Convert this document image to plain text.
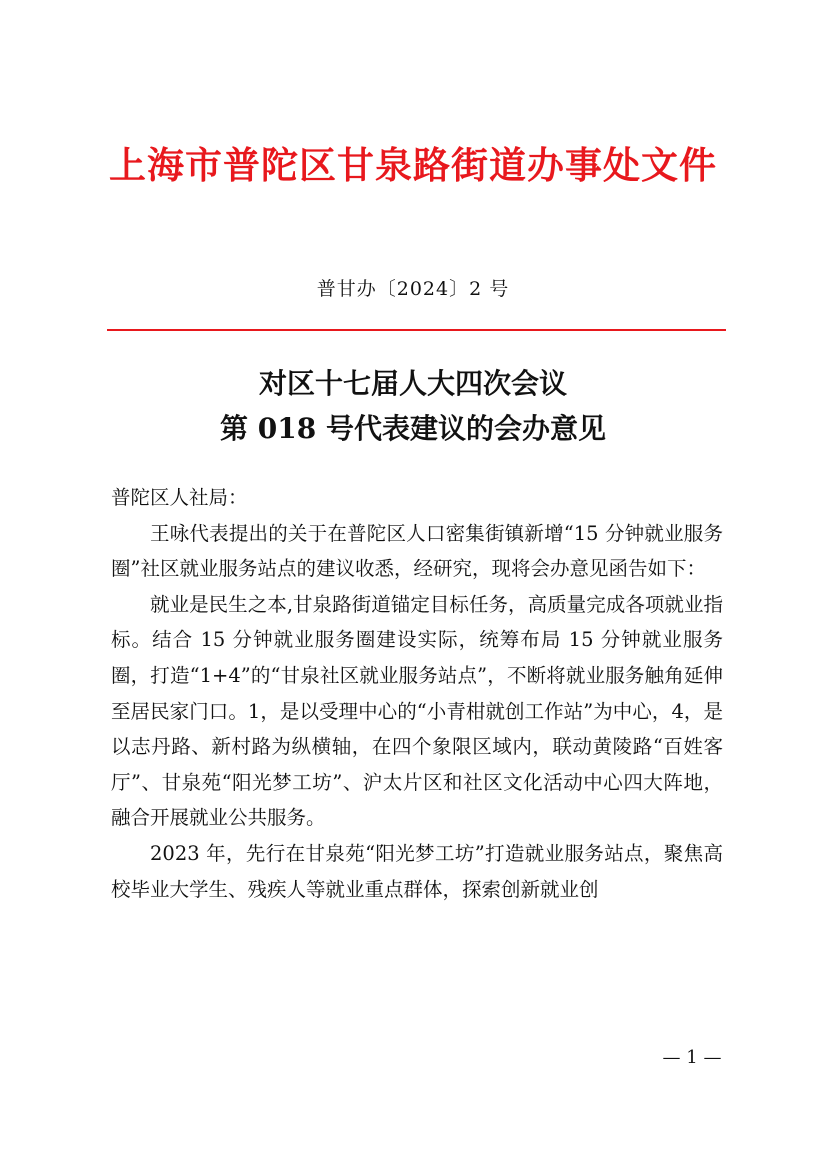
上海市普陀区甘泉路街道办事处文件
普甘办〔2024〕2 号
对区十七届人大四次会议
第 018 号代表建议的会办意见

普陀区人社局：

王咏代表提出的关于在普陀区人口密集街镇新增“15 分钟就业服务圈”社区就业服务站点的建议收悉，经研究，现将会办意见函告如下：

就业是民生之本,甘泉路街道锚定目标任务，高质量完成各项就业指标。结合 15 分钟就业服务圈建设实际，统筹布局 15 分钟就业服务圈，打造“1+4”的“甘泉社区就业服务站点”，不断将就业服务触角延伸至居民家门口。1，是以受理中心的“小青柑就创工作站”为中心，4，是以志丹路、新村路为纵横轴，在四个象限区域内，联动黄陵路“百姓客厅”、甘泉苑“阳光梦工坊”、沪太片区和社区文化活动中心四大阵地，融合开展就业公共服务。

2023 年，先行在甘泉苑“阳光梦工坊”打造就业服务站点，聚焦高校毕业大学生、残疾人等就业重点群体，探索创新就业创

— 1 —
